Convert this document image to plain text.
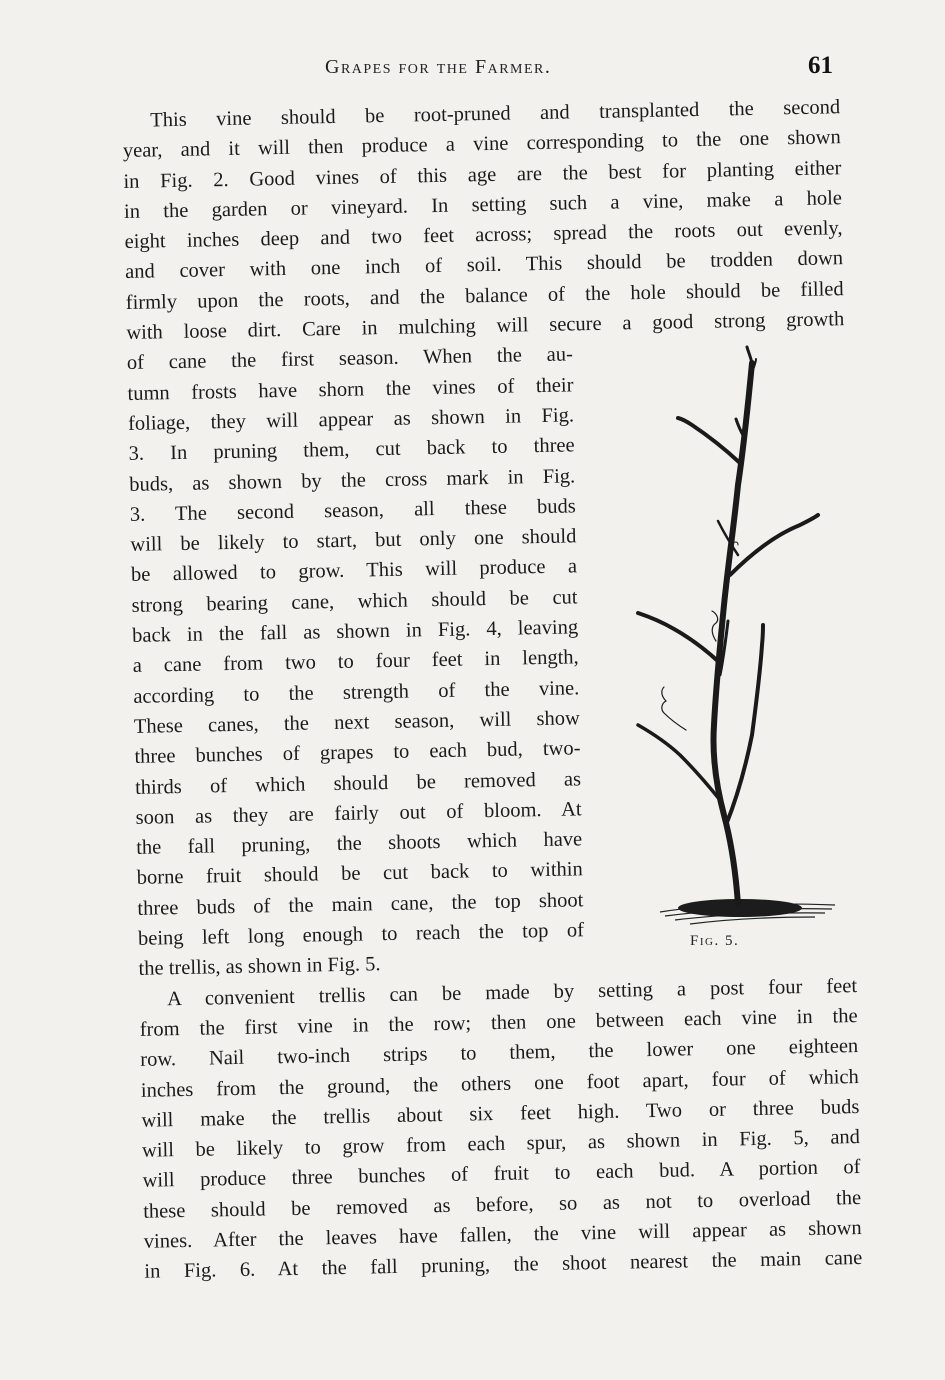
Grapes for the Farmer.	61
This vine should be root-pruned and transplanted the second
year, and it will then produce a vine corresponding to the one shown
in Fig. 2. Good vines of this age are the best for planting either
in the garden or vineyard. In setting such a vine, make a hole
eight inches deep and two feet across; spread the roots out evenly,
and cover with one inch of soil. This should be trodden down
firmly upon the roots, and the balance of the hole should be filled
with loose dirt. Care in mulching will secure a good strong growth
of cane the first season. When the au-
tumn frosts have shorn the vines of their
foliage, they will appear as shown in Fig.
3. In pruning them, cut back to three
buds, as shown by the cross mark in Fig.
3. The second season, all these buds
will be likely to start, but only one should
be allowed to grow. This will produce a
strong bearing cane, which should be cut
back in the fall as shown in Fig. 4, leaving
a cane from two to four feet in length,
according to the strength of the vine.
These canes, the next season, will show
three bunches of grapes to each bud, two-
thirds of which should be removed as
soon as they are fairly out of bloom. At
the fall pruning, the shoots which have
borne fruit should be cut back to within
three buds of the main cane, the top shoot
being left long enough to reach the top of
the trellis, as shown in Fig. 5.
A convenient trellis can be made by setting a post four feet
from the first vine in the row; then one between each vine in the
row. Nail two-inch strips to them, the lower one eighteen
inches from the ground, the others one foot apart, four of which
will make the trellis about six feet high. Two or three buds
will be likely to grow from each spur, as shown in Fig. 5, and
will produce three bunches of fruit to each bud. A portion of
these should be removed as before, so as not to overload the
vines. After the leaves have fallen, the vine will appear as shown
in Fig. 6. At the fall pruning, the shoot nearest the main cane
Fig. 5.
